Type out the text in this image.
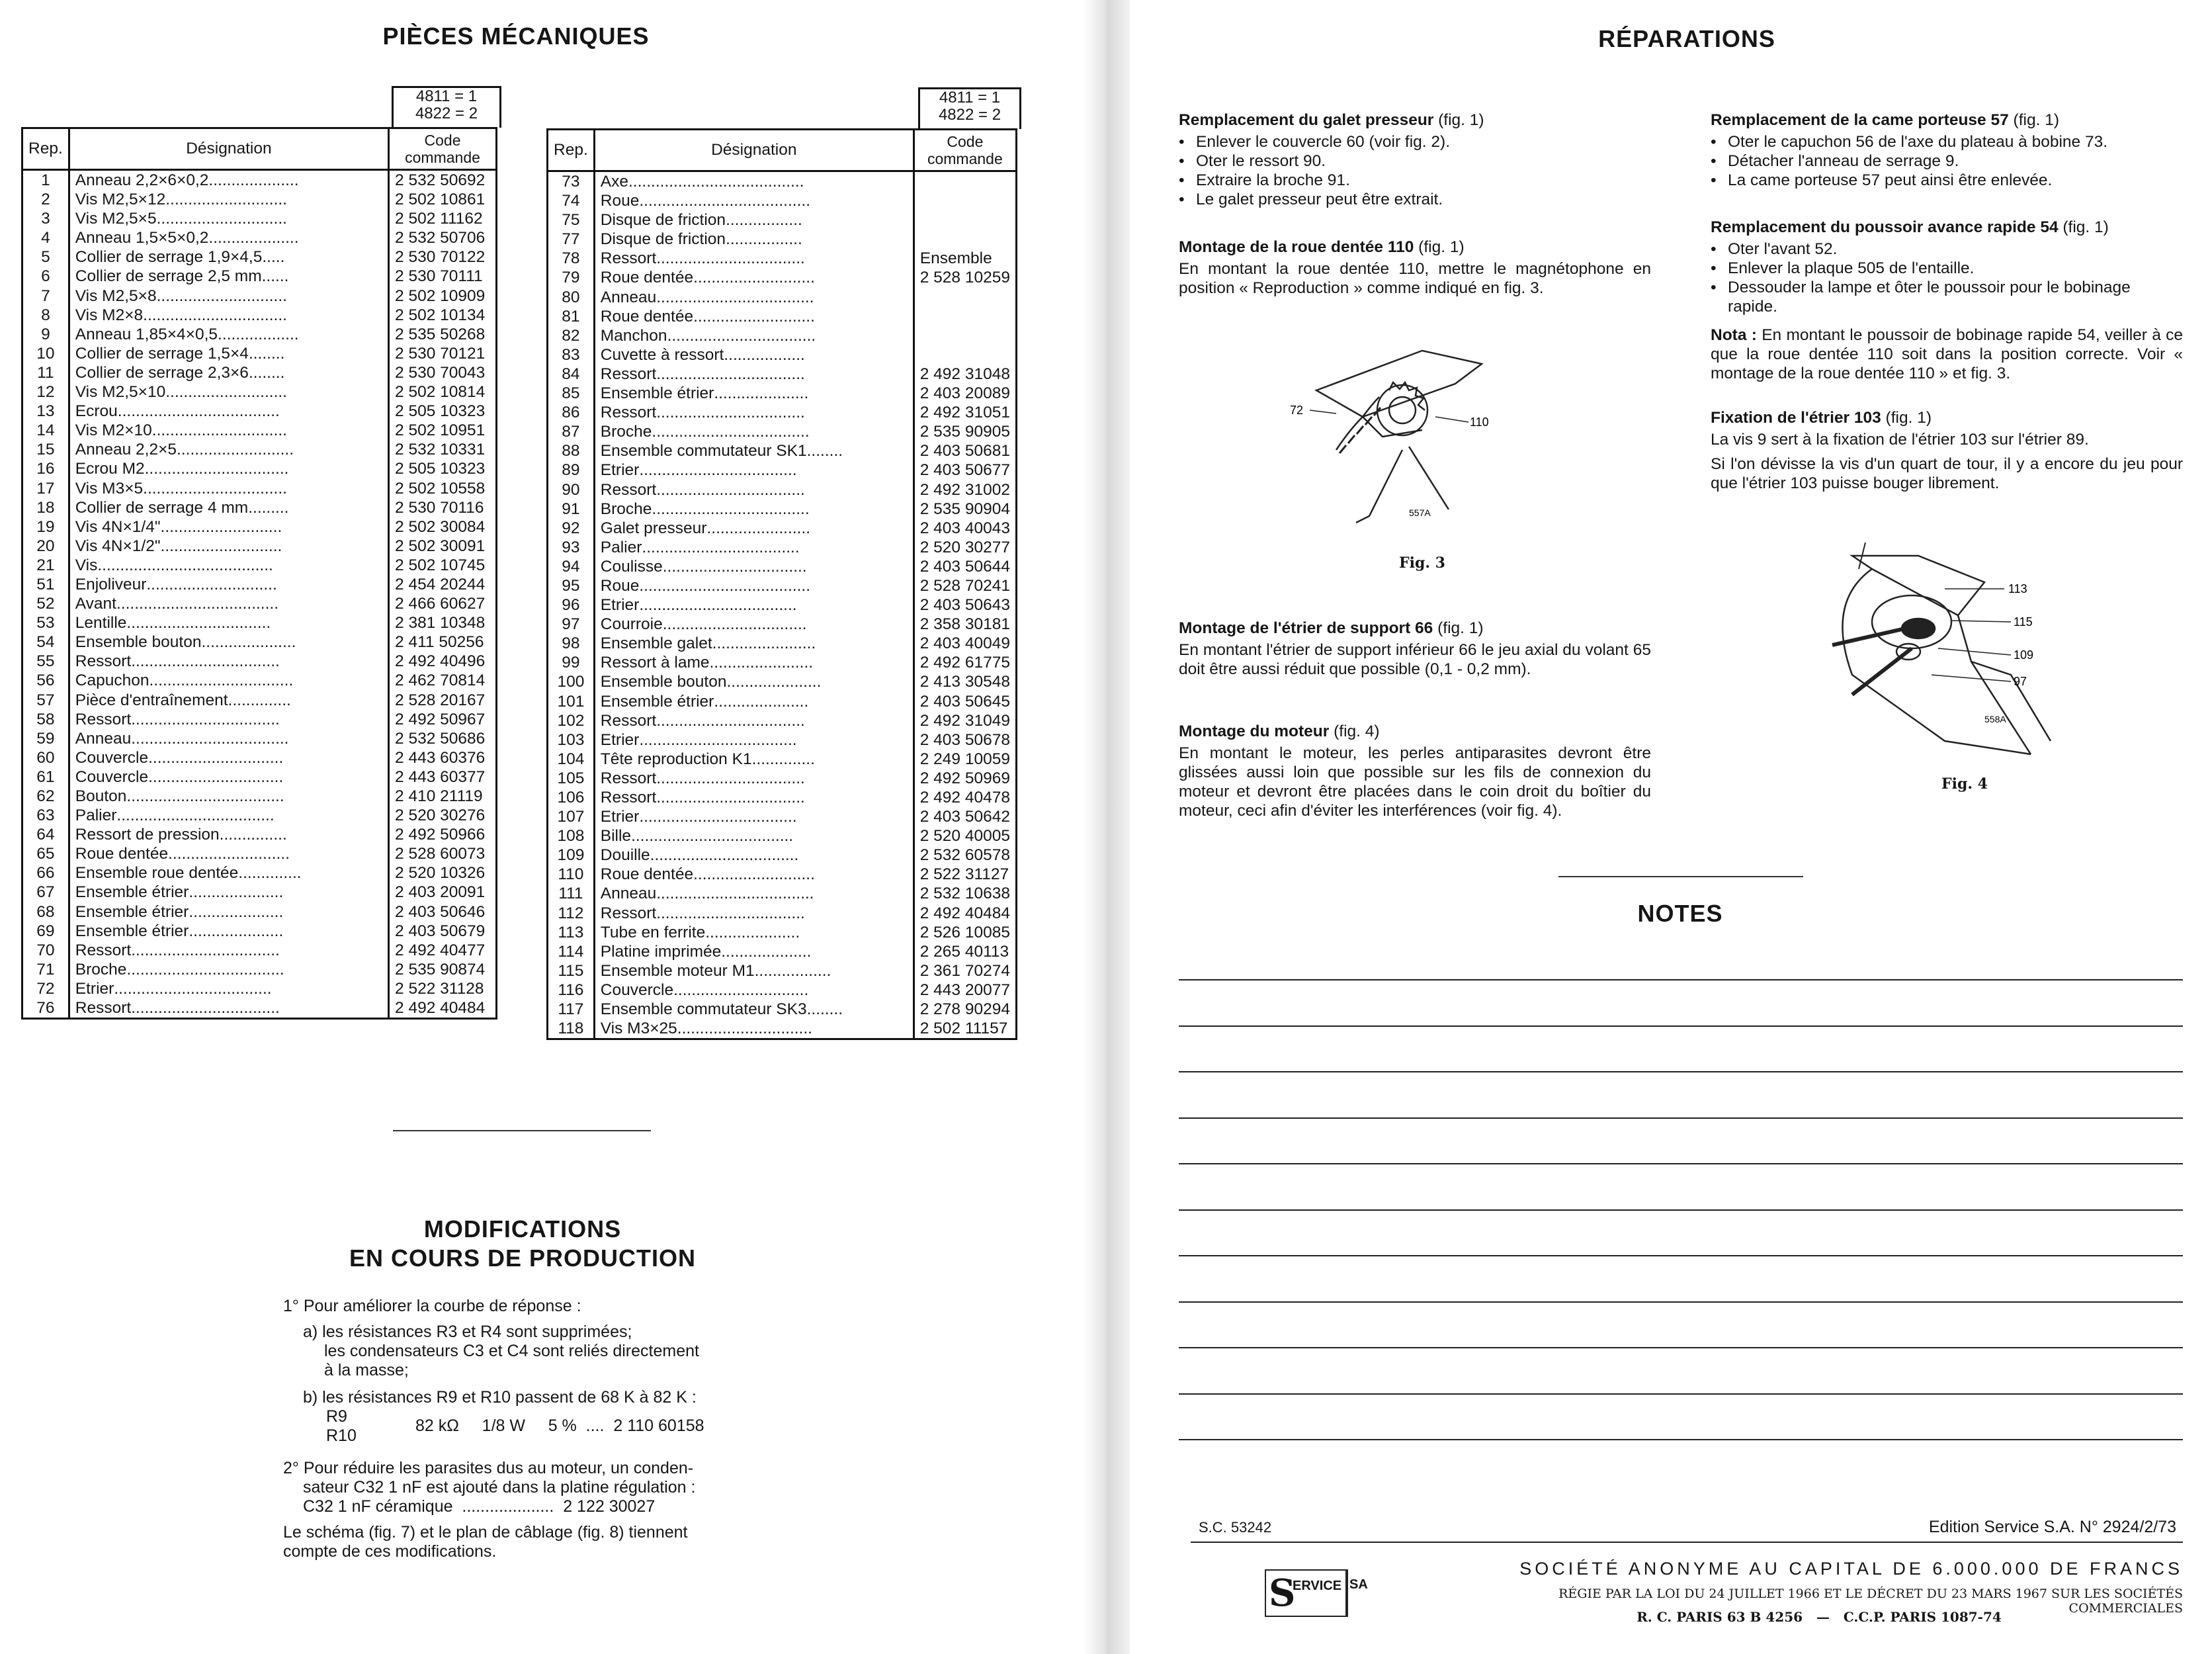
PIÈCES MÉCANIQUES
4811 = 1
4822 = 2
4811 = 1
4822 = 2
Rep.	Désignation	Code commande
1	Anneau 2,2×6×0,2....................	2 532 50692
2	Vis M2,5×12...........................	2 502 10861
3	Vis M2,5×5.............................	2 502 11162
4	Anneau 1,5×5×0,2....................	2 532 50706
5	Collier de serrage 1,9×4,5.....	2 530 70122
6	Collier de serrage 2,5 mm......	2 530 70111
7	Vis M2,5×8.............................	2 502 10909
8	Vis M2×8................................	2 502 10134
9	Anneau 1,85×4×0,5..................	2 535 50268
10	Collier de serrage 1,5×4........	2 530 70121
11	Collier de serrage 2,3×6........	2 530 70043
12	Vis M2,5×10...........................	2 502 10814
13	Ecrou....................................	2 505 10323
14	Vis M2×10..............................	2 502 10951
15	Anneau 2,2×5..........................	2 532 10331
16	Ecrou M2................................	2 505 10323
17	Vis M3×5................................	2 502 10558
18	Collier de serrage 4 mm.........	2 530 70116
19	Vis 4N×1/4"...........................	2 502 30084
20	Vis 4N×1/2"...........................	2 502 30091
21	Vis.......................................	2 502 10745
51	Enjoliveur.............................	2 454 20244
52	Avant....................................	2 466 60627
53	Lentille................................	2 381 10348
54	Ensemble bouton.....................	2 411 50256
55	Ressort.................................	2 492 40496
56	Capuchon................................	2 462 70814
57	Pièce d'entraînement..............	2 528 20167
58	Ressort.................................	2 492 50967
59	Anneau...................................	2 532 50686
60	Couvercle..............................	2 443 60376
61	Couvercle..............................	2 443 60377
62	Bouton...................................	2 410 21119
63	Palier...................................	2 520 30276
64	Ressort de pression...............	2 492 50966
65	Roue dentée...........................	2 528 60073
66	Ensemble roue dentée..............	2 520 10326
67	Ensemble étrier.....................	2 403 20091
68	Ensemble étrier.....................	2 403 50646
69	Ensemble étrier.....................	2 403 50679
70	Ressort.................................	2 492 40477
71	Broche...................................	2 535 90874
72	Etrier...................................	2 522 31128
76	Ressort.................................	2 492 40484
Rep.	Désignation	Code commande
73	Axe.......................................	
74	Roue......................................	
75	Disque de friction.................	
77	Disque de friction.................	
78	Ressort.................................	Ensemble
79	Roue dentée...........................	2 528 10259
80	Anneau...................................	
81	Roue dentée...........................	
82	Manchon.................................	
83	Cuvette à ressort..................	
84	Ressort.................................	2 492 31048
85	Ensemble étrier.....................	2 403 20089
86	Ressort.................................	2 492 31051
87	Broche...................................	2 535 90905
88	Ensemble commutateur SK1........	2 403 50681
89	Etrier...................................	2 403 50677
90	Ressort.................................	2 492 31002
91	Broche...................................	2 535 90904
92	Galet presseur.......................	2 403 40043
93	Palier...................................	2 520 30277
94	Coulisse................................	2 403 50644
95	Roue......................................	2 528 70241
96	Etrier...................................	2 403 50643
97	Courroie................................	2 358 30181
98	Ensemble galet.......................	2 403 40049
99	Ressort à lame.......................	2 492 61775
100	Ensemble bouton.....................	2 413 30548
101	Ensemble étrier.....................	2 403 50645
102	Ressort.................................	2 492 31049
103	Etrier...................................	2 403 50678
104	Tête reproduction K1..............	2 249 10059
105	Ressort.................................	2 492 50969
106	Ressort.................................	2 492 40478
107	Etrier...................................	2 403 50642
108	Bille....................................	2 520 40005
109	Douille.................................	2 532 60578
110	Roue dentée...........................	2 522 31127
111	Anneau...................................	2 532 10638
112	Ressort.................................	2 492 40484
113	Tube en ferrite.....................	2 526 10085
114	Platine imprimée....................	2 265 40113
115	Ensemble moteur M1.................	2 361 70274
116	Couvercle..............................	2 443 20077
117	Ensemble commutateur SK3........	2 278 90294
118	Vis M3×25..............................	2 502 11157
MODIFICATIONS
EN COURS DE PRODUCTION
1° Pour améliorer la courbe de réponse :
a) les résistances R3 et R4 sont supprimées;
les condensateurs C3 et C4 sont reliés directement
à la masse;
b) les résistances R9 et R10 passent de 68 K à 82 K :
R9
R10
82 kΩ     1/8 W     5 %  ....  2 110 60158
2° Pour réduire les parasites dus au moteur, un conden-
sateur C32 1 nF est ajouté dans la platine régulation :
C32 1 nF céramique  ....................  2 122 30027
Le schéma (fig. 7) et le plan de câblage (fig. 8) tiennent
compte de ces modifications.
RÉPARATIONS
Remplacement du galet presseur (fig. 1)
• Enlever le couvercle 60 (voir fig. 2).
• Oter le ressort 90.
• Extraire la broche 91.
• Le galet presseur peut être extrait.
Montage de la roue dentée 110 (fig. 1)

En montant la roue dentée 110, mettre le magnétophone en position « Reproduction » comme indiqué en fig. 3.

72
110
557A
Fig. 3
Montage de l'étrier de support 66 (fig. 1)

En montant l'étrier de support inférieur 66 le jeu axial du volant 65 doit être aussi réduit que possible (0,1 - 0,2 mm).

Montage du moteur (fig. 4)

En montant le moteur, les perles antiparasites devront être glissées aussi loin que possible sur les fils de connexion du moteur et devront être placées dans le coin droit du boîtier du moteur, ceci afin d'éviter les interférences (voir fig. 4).

Remplacement de la came porteuse 57 (fig. 1)
• Oter le capuchon 56 de l'axe du plateau à bobine 73.
• Détacher l'anneau de serrage 9.
• La came porteuse 57 peut ainsi être enlevée.
Remplacement du poussoir avance rapide 54 (fig. 1)
• Oter l'avant 52.
• Enlever la plaque 505 de l'entaille.
• Dessouder la lampe et ôter le poussoir pour le bobinage rapide.

Nota : En montant le poussoir de bobinage rapide 54, veiller à ce que la roue dentée 110 soit dans la position correcte. Voir « montage de la roue dentée 110 » et fig. 3.

Fixation de l'étrier 103 (fig. 1)

La vis 9 sert à la fixation de l'étrier 103 sur l'étrier 89.

Si l'on dévisse la vis d'un quart de tour, il y a encore du jeu pour que l'étrier 103 puisse bouger librement.

113
115
109
97
558A
Fig. 4
NOTES
S.C. 53242	Edition Service S.A. N° 2924/2/73
S
ERVICE SA
SOCIÉTÉ ANONYME AU CAPITAL DE 6.000.000 DE FRANCS
RÉGIE PAR LA LOI DU 24 JUILLET 1966 ET LE DÉCRET DU 23 MARS 1967 SUR LES SOCIÉTÉS COMMERCIALES
R. C. PARIS 63 B 4256   —   C.C.P. PARIS 1087-74
